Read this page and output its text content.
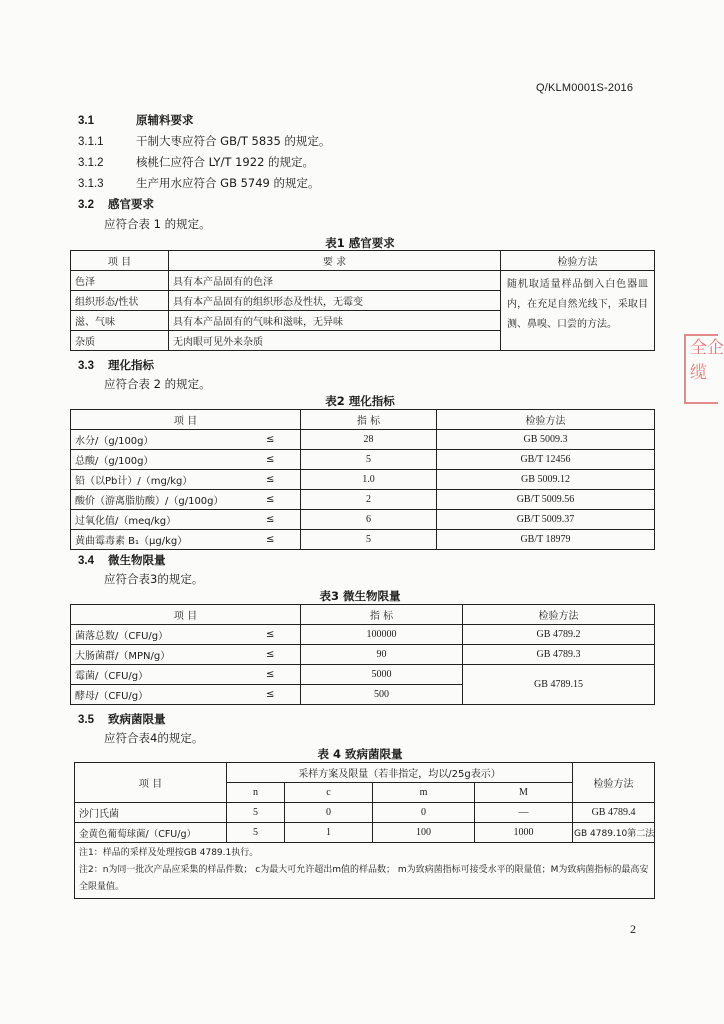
Q/KLM0001S-2016
3.1	原辅料要求
3.1.1	干制大枣应符合 GB/T 5835 的规定。
3.1.2	核桃仁应符合 LY/T 1922 的规定。
3.1.3	生产用水应符合 GB 5749 的规定。
3.2 感官要求
应符合表 1 的规定。
表1 感官要求
项 目	要 求	检验方法
色泽	具有本产品固有的色泽	随机取适量样品倒入白色器皿内，在充足自然光线下，采取目测、鼻嗅、口尝的方法。
组织形态/性状	具有本产品固有的组织形态及性状，无霉变	
滋、气味	具有本产品固有的气味和滋味，无异味	
杂质	无肉眼可见外来杂质	
3.3 理化指标
应符合表 2 的规定。
表2 理化指标
项 目		指 标	检验方法
水分/（g/100g）	≤	28	GB 5009.3
总酸/（g/100g）	≤	5	GB/T 12456
铅（以Pb计）/（mg/kg）	≤	1.0	GB 5009.12
酸价（游离脂肪酸）/（g/100g）	≤	2	GB/T 5009.56
过氧化值/（meq/kg）	≤	6	GB/T 5009.37
黄曲霉毒素 B₁（μg/kg）	≤	5	GB/T 18979
3.4 微生物限量
应符合表3的规定。
表3 微生物限量
项 目		指 标	检验方法
菌落总数/（CFU/g）	≤	100000	GB 4789.2
大肠菌群/（MPN/g）	≤	90	GB 4789.3
霉菌/（CFU/g）	≤	5000	GB 4789.15
酵母/（CFU/g）	≤	500	
3.5 致病菌限量
应符合表4的规定。
表 4 致病菌限量
项 目	采样方案及限量（若非指定，均以/25g表示）				检验方法
	n	c	m	M	
沙门氏菌	5	0	0	—	GB 4789.4
金黄色葡萄球菌/（CFU/g）	5	1	100	1000	GB 4789.10第二法

注1：样品的采样及处理按GB 4789.1执行。
注2：n为同一批次产品应采集的样品件数； c为最大可允许超出m值的样品数； m为致病菌指标可接受水平的限量值；M为致病菌指标的最高安全限量值。					
2
全企
缆
